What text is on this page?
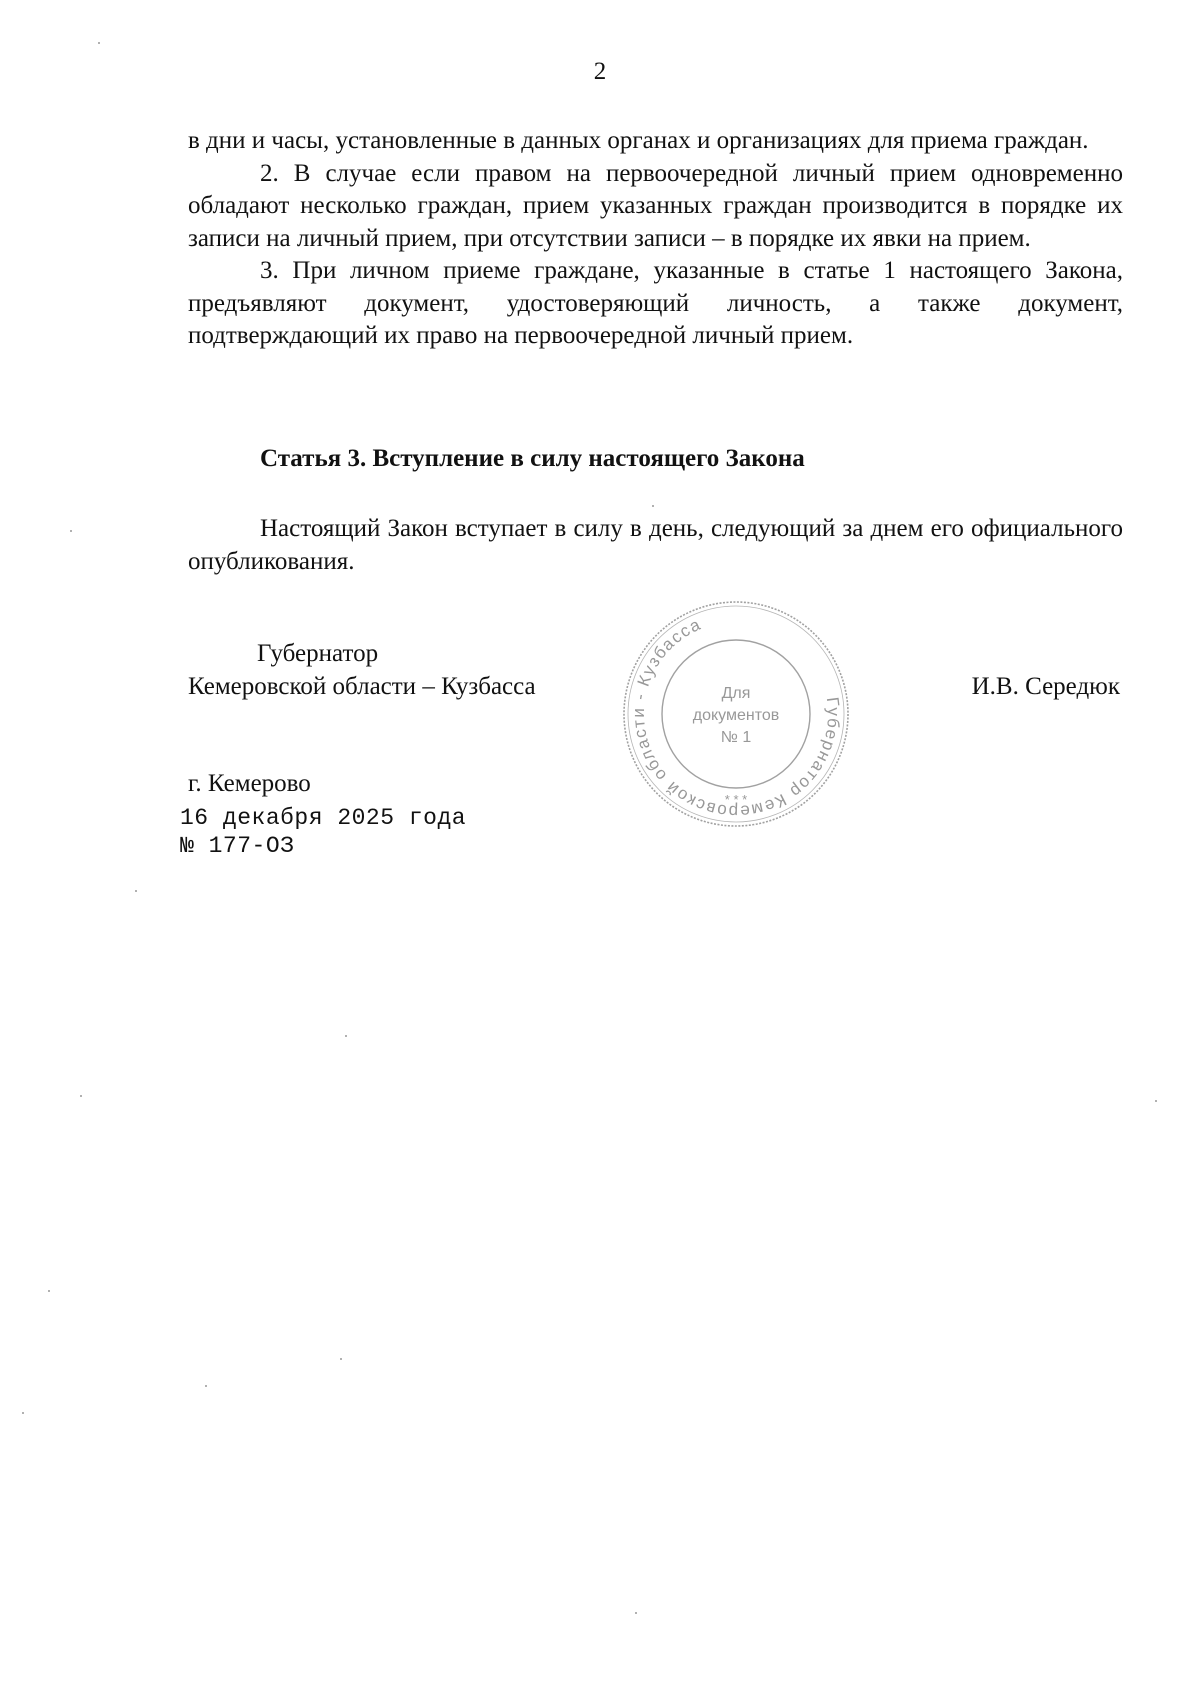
2

в дни и часы, установленные в данных органах и организациях для приема граждан.

2. В случае если правом на первоочередной личный прием одновременно обладают несколько граждан, прием указанных граждан производится в порядке их записи на личный прием, при отсутствии записи – в порядке их явки на прием.

3. При личном приеме граждане, указанные в статье 1 настоящего Закона, предъявляют документ, удостоверяющий личность, а также документ, подтверждающий их право на первоочередной личный прием.

Статья 3. Вступление в силу настоящего Закона

Настоящий Закон вступает в силу в день, следующий за днем его официального опубликования.

Губернатор
Кемеровской области – Кузбасса	И.В. Середюк
Губернатор Кемеровской области - Кузбасса
Для
документов
№ 1
* * *
г. Кемерово
16 декабря 2025 года
№ 177-ОЗ
